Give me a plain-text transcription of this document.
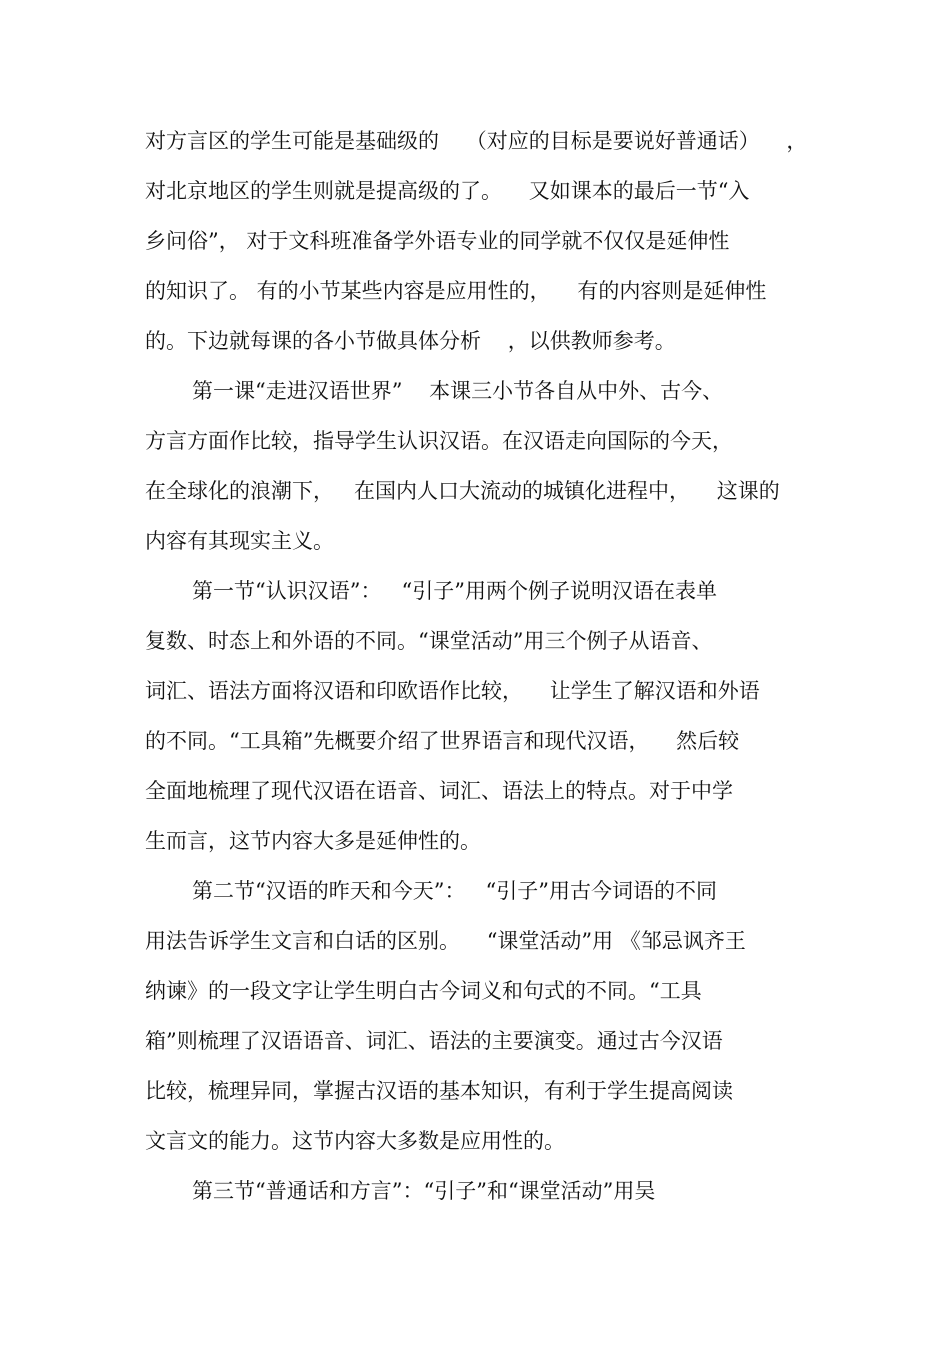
对方言区的学生可能是基础级的    （对应的目标是要说好普通话）    ，
对北京地区的学生则就是提高级的了。    又如课本的最后一节“入
乡问俗”， 对于文科班准备学外语专业的同学就不仅仅是延伸性
的知识了。 有的小节某些内容是应用性的，    有的内容则是延伸性
的。下边就每课的各小节做具体分析    ，以供教师参考。
第一课“走进汉语世界”    本课三小节各自从中外、古今、
方言方面作比较，指导学生认识汉语。在汉语走向国际的今天，
在全球化的浪潮下，   在国内人口大流动的城镇化进程中，    这课的
内容有其现实主义。
第一节“认识汉语”：   “引子”用两个例子说明汉语在表单
复数、时态上和外语的不同。“课堂活动”用三个例子从语音、
词汇、语法方面将汉语和印欧语作比较，    让学生了解汉语和外语
的不同。“工具箱”先概要介绍了世界语言和现代汉语，    然后较
全面地梳理了现代汉语在语音、词汇、语法上的特点。对于中学
生而言，这节内容大多是延伸性的。
第二节“汉语的昨天和今天”：   “引子”用古今词语的不同
用法告诉学生文言和白话的区别。    “课堂活动”用 《邹忌讽齐王
纳谏》的一段文字让学生明白古今词义和句式的不同。“工具
箱”则梳理了汉语语音、词汇、语法的主要演变。通过古今汉语
比较，梳理异同，掌握古汉语的基本知识，有利于学生提高阅读
文言文的能力。这节内容大多数是应用性的。
第三节“普通话和方言”：“引子”和“课堂活动”用吴
